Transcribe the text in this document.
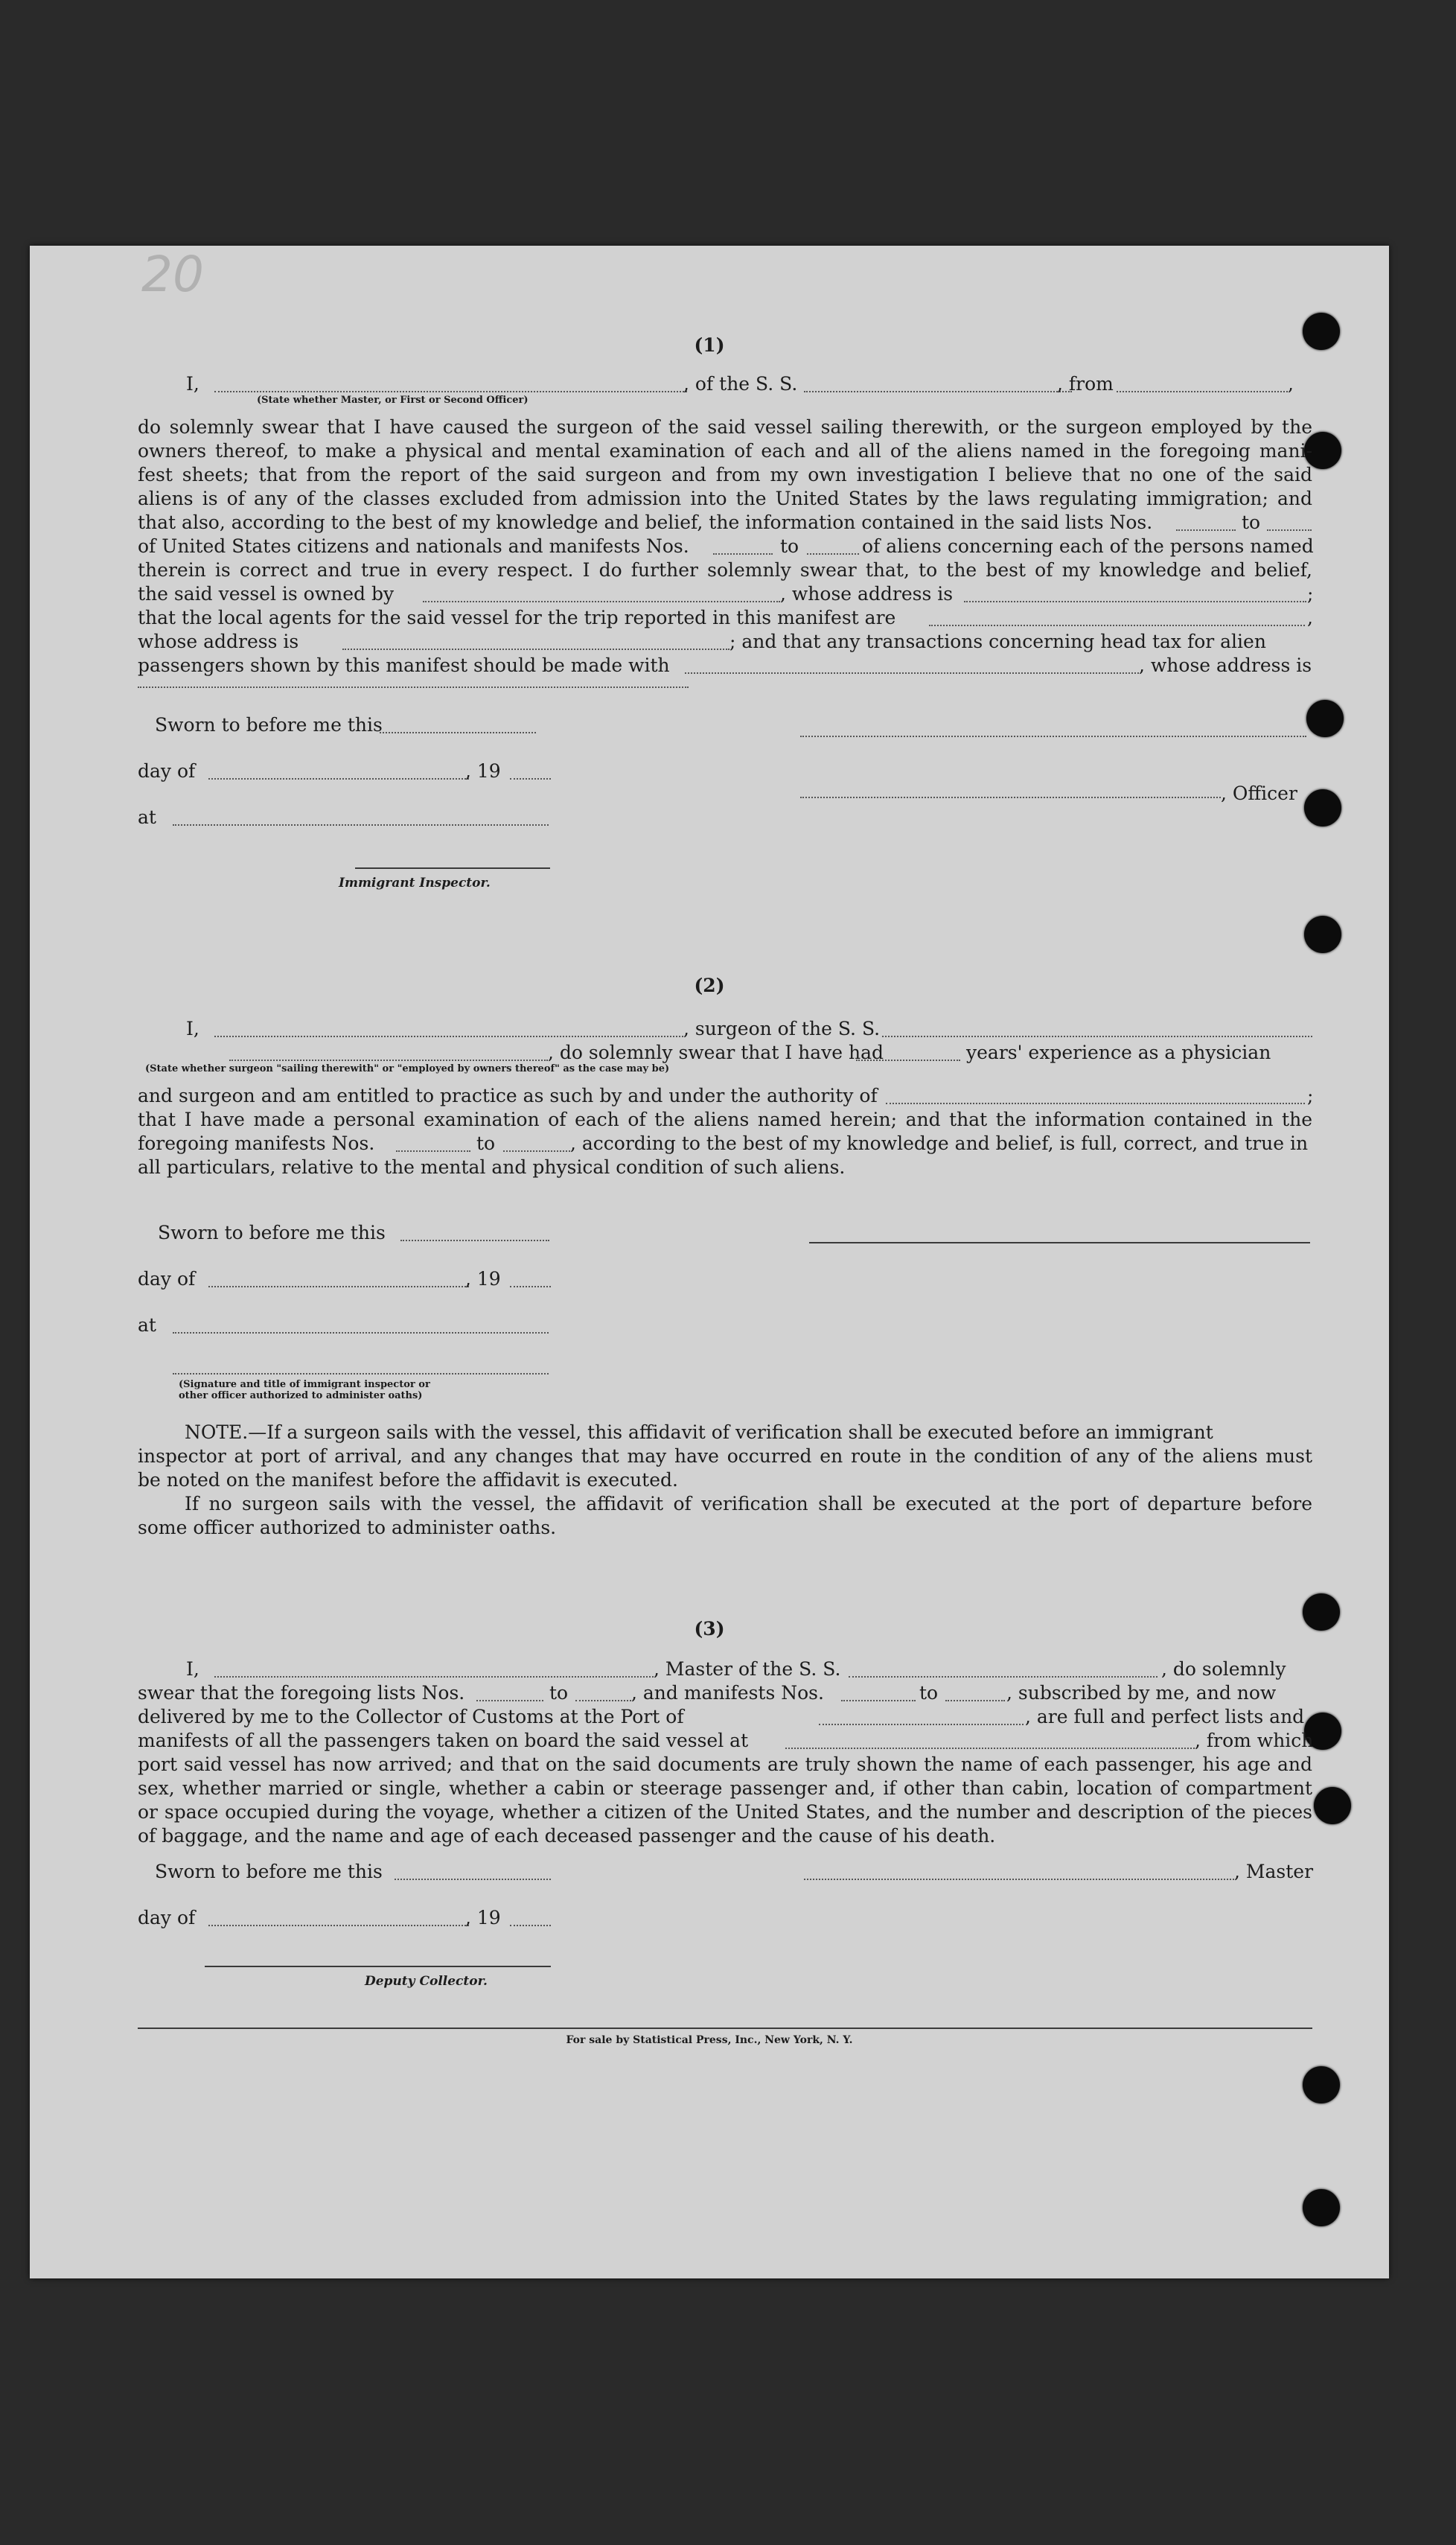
20
(1)
I,	, of the S. S.	, from	,
(State whether Master, or First or Second Officer)
do solemnly swear that I have caused the surgeon of the said vessel sailing therewith, or the surgeon employed by the
owners thereof, to make a physical and mental examination of each and all of the aliens named in the foregoing mani-
fest sheets; that from the report of the said surgeon and from my own investigation I believe that no one of the said
aliens is of any of the classes excluded from admission into the United States by the laws regulating immigration; and
that also, according to the best of my knowledge and belief, the information contained in the said lists Nos.	to
of United States citizens and nationals and manifests Nos.	to	of aliens concerning each of the persons named
therein is correct and true in every respect. I do further solemnly swear that, to the best of my knowledge and belief,
the said vessel is owned by	, whose address is	;
that the local agents for the said vessel for the trip reported in this manifest are	,
whose address is	; and that any transactions concerning head tax for alien
passengers shown by this manifest should be made with	, whose address is
Sworn to before me this
day of	, 19
, Officer
at
Immigrant Inspector.
(2)
I,	, surgeon of the S. S.
, do solemnly swear that I have had	years' experience as a physician
(State whether surgeon "sailing therewith" or "employed by owners thereof" as the case may be)
and surgeon and am entitled to practice as such by and under the authority of	;
that I have made a personal examination of each of the aliens named herein; and that the information contained in the
foregoing manifests Nos.	to	, according to the best of my knowledge and belief, is full, correct, and true in
all particulars, relative to the mental and physical condition of such aliens.
Sworn to before me this
day of	, 19
at
(Signature and title of immigrant inspector or
other officer authorized to administer oaths)
NOTE.—If a surgeon sails with the vessel, this affidavit of verification shall be executed before an immigrant
inspector at port of arrival, and any changes that may have occurred en route in the condition of any of the aliens must
be noted on the manifest before the affidavit is executed.
If no surgeon sails with the vessel, the affidavit of verification shall be executed at the port of departure before
some officer authorized to administer oaths.
(3)
I,	, Master of the S. S.	, do solemnly
swear that the foregoing lists Nos.	to	, and manifests Nos.	to	, subscribed by me, and now
delivered by me to the Collector of Customs at the Port of	, are full and perfect lists and
manifests of all the passengers taken on board the said vessel at	, from which
port said vessel has now arrived; and that on the said documents are truly shown the name of each passenger, his age and
sex, whether married or single, whether a cabin or steerage passenger and, if other than cabin, location of compartment
or space occupied during the voyage, whether a citizen of the United States, and the number and description of the pieces
of baggage, and the name and age of each deceased passenger and the cause of his death.
Sworn to before me this	, Master
day of	, 19
Deputy Collector.
For sale by Statistical Press, Inc., New York, N. Y.
